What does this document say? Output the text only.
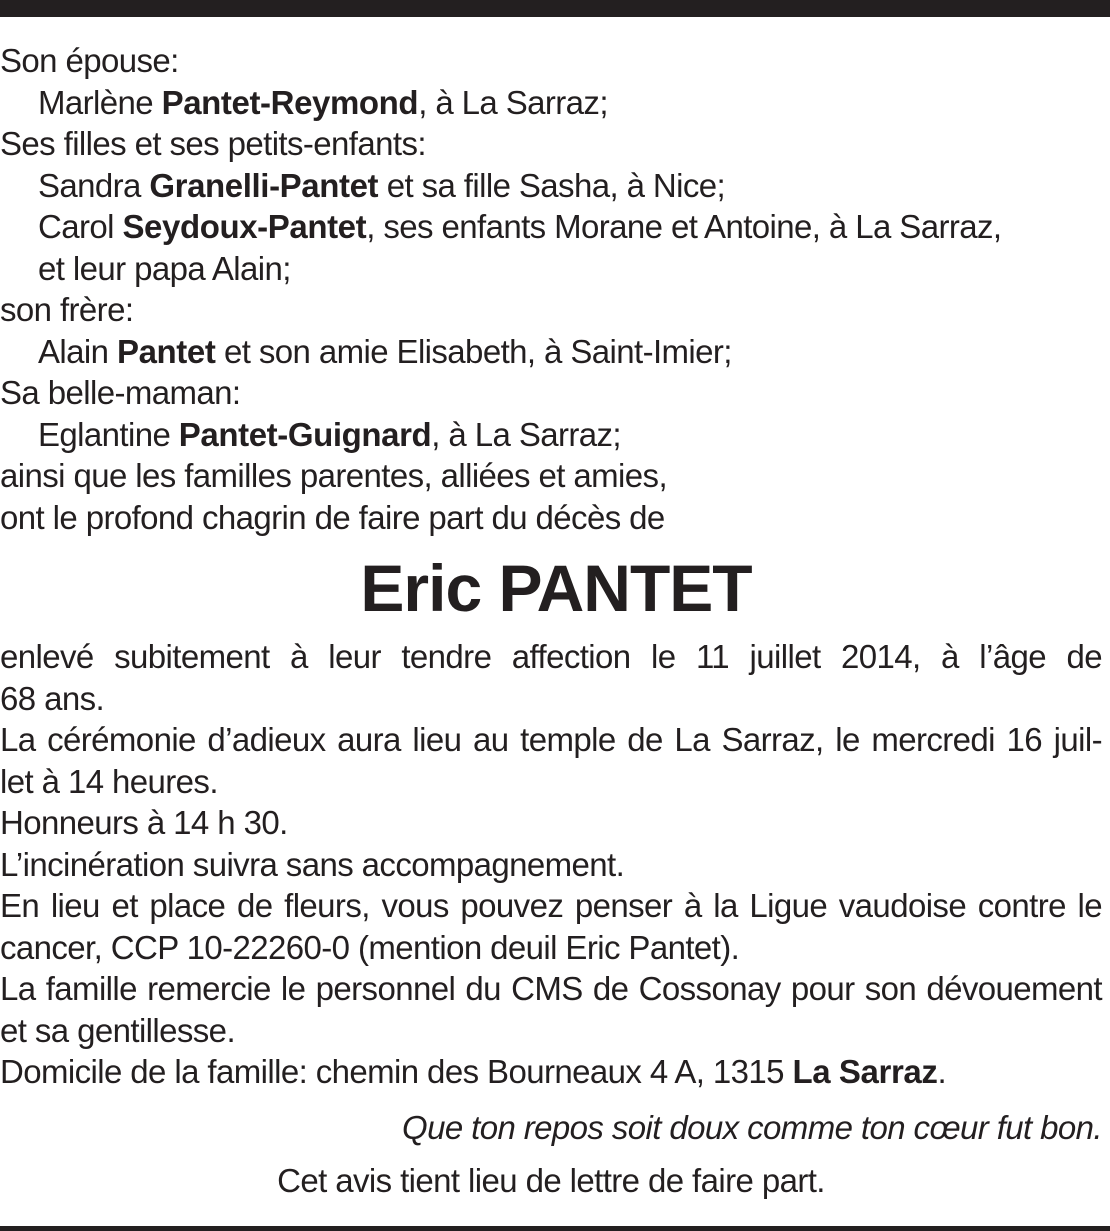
Son épouse:
Marlène Pantet-Reymond, à La Sarraz;
Ses filles et ses petits-enfants:
Sandra Granelli-Pantet et sa fille Sasha, à Nice;
Carol Seydoux-Pantet, ses enfants Morane et Antoine, à La Sarraz,
et leur papa Alain;
son frère:
Alain Pantet et son amie Elisabeth, à Saint-Imier;
Sa belle-maman:
Eglantine Pantet-Guignard, à La Sarraz;
ainsi que les familles parentes, alliées et amies,
ont le profond chagrin de faire part du décès de
Eric PANTET
enlevé subitement à leur tendre affection le 11 juillet 2014, à l’âge de
68 ans.
La cérémonie d’adieux aura lieu au temple de La Sarraz, le mercredi 16 juil-
let à 14 heures.
Honneurs à 14 h 30.
L’incinération suivra sans accompagnement.
En lieu et place de fleurs, vous pouvez penser à la Ligue vaudoise contre le
cancer, CCP 10-22260-0 (mention deuil Eric Pantet).
La famille remercie le personnel du CMS de Cossonay pour son dévouement
et sa gentillesse.
Domicile de la famille: chemin des Bourneaux 4 A, 1315 La Sarraz.
Que ton repos soit doux comme ton cœur fut bon.
Cet avis tient lieu de lettre de faire part.
